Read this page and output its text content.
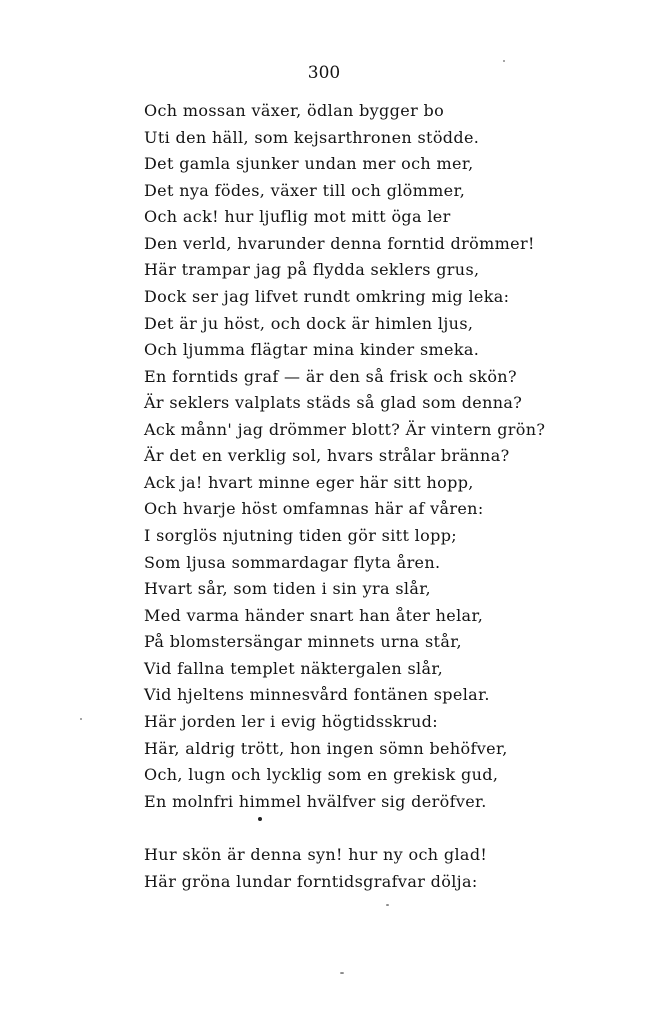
300
Och mossan växer, ödlan bygger bo
Uti den häll, som kejsarthronen stödde.
Det gamla sjunker undan mer och mer,
Det nya födes, växer till och glömmer,
Och ack! hur ljuflig mot mitt öga ler
Den verld, hvarunder denna forntid drömmer!
Här trampar jag på flydda seklers grus,
Dock ser jag lifvet rundt omkring mig leka:
Det är ju höst, och dock är himlen ljus,
Och ljumma flägtar mina kinder smeka.
En forntids graf — är den så frisk och skön?
Är seklers valplats städs så glad som denna?
Ack månn' jag drömmer blott? Är vintern grön?
Är det en verklig sol, hvars strålar bränna?
Ack ja! hvart minne eger här sitt hopp,
Och hvarje höst omfamnas här af våren:
I sorglös njutning tiden gör sitt lopp;
Som ljusa sommardagar flyta åren.
Hvart sår, som tiden i sin yra slår,
Med varma händer snart han åter helar,
På blomstersängar minnets urna står,
Vid fallna templet näktergalen slår,
Vid hjeltens minnesvård fontänen spelar.
Här jorden ler i evig högtidsskrud:
Här, aldrig trött, hon ingen sömn behöfver,
Och, lugn och lycklig som en grekisk gud,
En molnfri himmel hvälfver sig deröfver.
Hur skön är denna syn! hur ny och glad!
Här gröna lundar forntidsgrafvar dölja:
